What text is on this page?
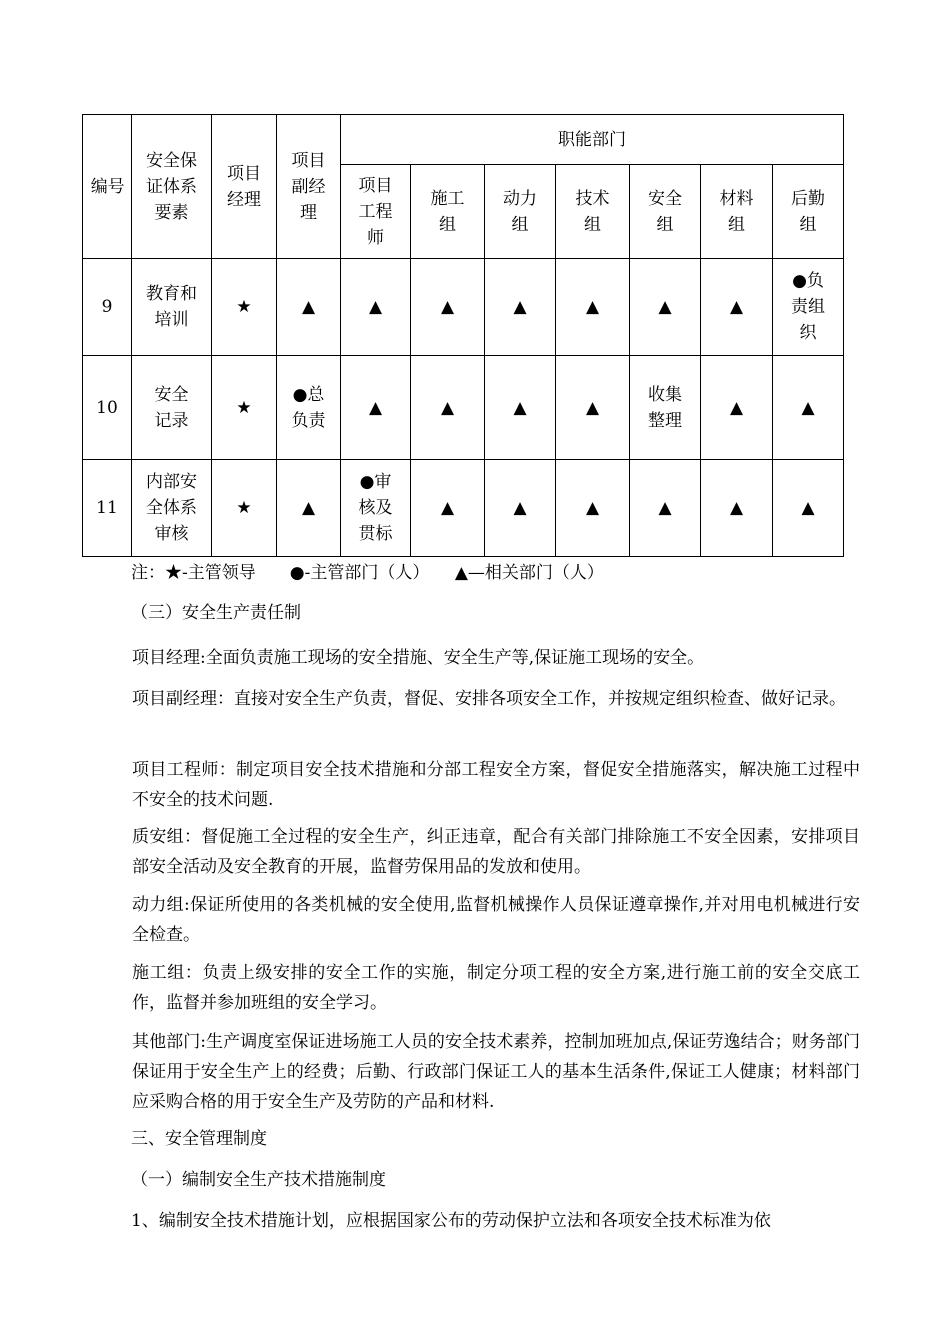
编号	安全保证体系要素	项目经理	项目副经理	职能部门						
				项目工程师	施工组	动力组	技术组	安全组	材料组	后勤组
9	教育和培训	★	▲	▲	▲	▲	▲	▲	▲	●负责组织
10	安全记录	★	●总负责	▲	▲	▲	▲	收集整理	▲	▲
11	内部安全体系审核	★	▲	●审核及贯标	▲	▲	▲	▲	▲	▲
注：★-主管领导　　●-主管部门（人）　　▲—相关部门（人）
（三）安全生产责任制
项目经理:全面负责施工现场的安全措施、安全生产等,保证施工现场的安全。
项目副经理：直接对安全生产负责，督促、安排各项安全工作，并按规定组织检查、做好记录。
项目工程师：制定项目安全技术措施和分部工程安全方案，督促安全措施落实，解决施工过程中不安全的技术问题.
质安组：督促施工全过程的安全生产，纠正违章，配合有关部门排除施工不安全因素，安排项目部安全活动及安全教育的开展，监督劳保用品的发放和使用。
动力组:保证所使用的各类机械的安全使用,监督机械操作人员保证遵章操作,并对用电机械进行安全检查。
施工组：负责上级安排的安全工作的实施，制定分项工程的安全方案,进行施工前的安全交底工作，监督并参加班组的安全学习。
其他部门:生产调度室保证进场施工人员的安全技术素养，控制加班加点,保证劳逸结合；财务部门保证用于安全生产上的经费；后勤、行政部门保证工人的基本生活条件,保证工人健康；材料部门应采购合格的用于安全生产及劳防的产品和材料.
三、安全管理制度
（一）编制安全生产技术措施制度
1、编制安全技术措施计划，应根据国家公布的劳动保护立法和各项安全技术标准为依
